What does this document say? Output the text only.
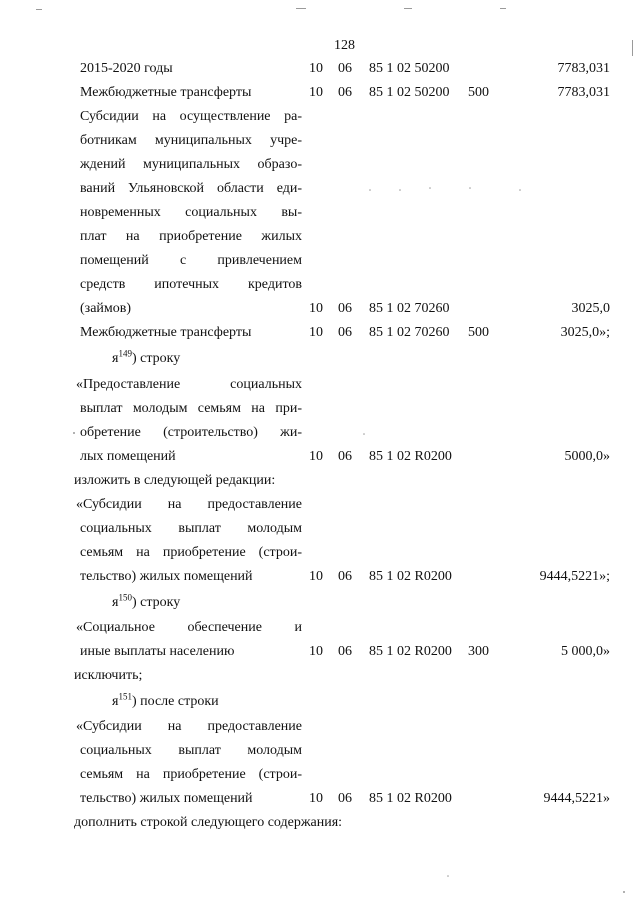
128
2015-2020 годы	10 06 85 1 02 50200	7783,031
Межбюджетные трансферты	10 06 85 1 02 50200 500	7783,031
Субсидии на осуществление ра-
ботникам муниципальных учре-
ждений муниципальных образо-
ваний Ульяновской области еди-
новременных социальных вы-
плат на приобретение жилых
помещений с привлечением
средств ипотечных кредитов
(займов)	10 06 85 1 02 70260	3025,0
Межбюджетные трансферты	10 06 85 1 02 70260 500	3025,0»;
$я^{149}$) строку
«Предоставление социальных
выплат молодым семьям на при-
обретение (строительство) жи-
лых помещений	10 06 85 1 02 R0200	5000,0»
изложить в следующей редакции:
«Субсидии на предоставление
социальных выплат молодым
семьям на приобретение (строи-
тельство) жилых помещений	10 06 85 1 02 R0200	9444,5221»;
$я^{150}$) строку
«Социальное обеспечение и
иные выплаты населению	10 06 85 1 02 R0200 300	5 000,0»
исключить;
$я^{151}$) после строки
«Субсидии на предоставление
социальных выплат молодым
семьям на приобретение (строи-
тельство) жилых помещений	10 06 85 1 02 R0200	9444,5221»
дополнить строкой следующего содержания:
